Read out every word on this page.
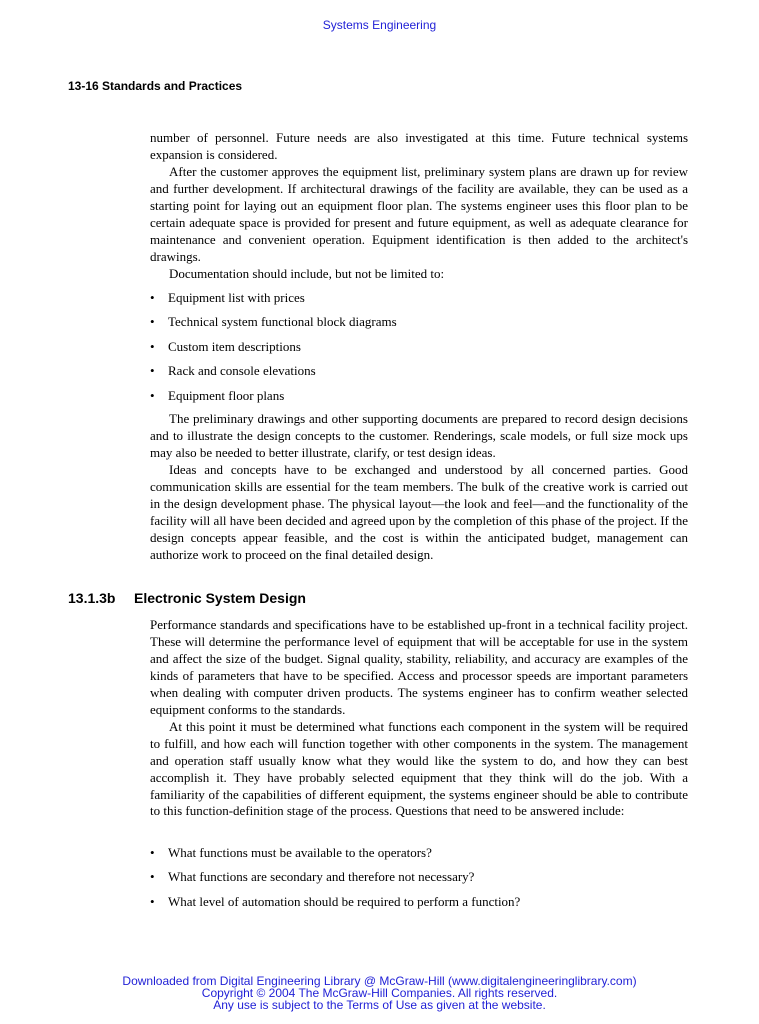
Systems Engineering
13-16 Standards and Practices

number of personnel. Future needs are also investigated at this time. Future technical systems expansion is considered.

After the customer approves the equipment list, preliminary system plans are drawn up for review and further development. If architectural drawings of the facility are available, they can be used as a starting point for laying out an equipment floor plan. The systems engineer uses this floor plan to be certain adequate space is provided for present and future equipment, as well as adequate clearance for maintenance and convenient operation. Equipment identification is then added to the architect's drawings.

Documentation should include, but not be limited to:

• Equipment list with prices
• Technical system functional block diagrams
• Custom item descriptions
• Rack and console elevations
• Equipment floor plans

The preliminary drawings and other supporting documents are prepared to record design decisions and to illustrate the design concepts to the customer. Renderings, scale models, or full size mock ups may also be needed to better illustrate, clarify, or test design ideas.

Ideas and concepts have to be exchanged and understood by all concerned parties. Good communication skills are essential for the team members. The bulk of the creative work is carried out in the design development phase. The physical layout—the look and feel—and the functionality of the facility will all have been decided and agreed upon by the completion of this phase of the project. If the design concepts appear feasible, and the cost is within the anticipated budget, management can authorize work to proceed on the final detailed design.

13.1.3b Electronic System Design

Performance standards and specifications have to be established up-front in a technical facility project. These will determine the performance level of equipment that will be acceptable for use in the system and affect the size of the budget. Signal quality, stability, reliability, and accuracy are examples of the kinds of parameters that have to be specified. Access and processor speeds are important parameters when dealing with computer driven products. The systems engineer has to confirm weather selected equipment conforms to the standards.

At this point it must be determined what functions each component in the system will be required to fulfill, and how each will function together with other components in the system. The management and operation staff usually know what they would like the system to do, and how they can best accomplish it. They have probably selected equipment that they think will do the job. With a familiarity of the capabilities of different equipment, the systems engineer should be able to contribute to this function-definition stage of the process. Questions that need to be answered include:

• What functions must be available to the operators?
• What functions are secondary and therefore not necessary?
• What level of automation should be required to perform a function?
Downloaded from Digital Engineering Library @ McGraw-Hill (www.digitalengineeringlibrary.com)
Copyright © 2004 The McGraw-Hill Companies. All rights reserved.
Any use is subject to the Terms of Use as given at the website.
